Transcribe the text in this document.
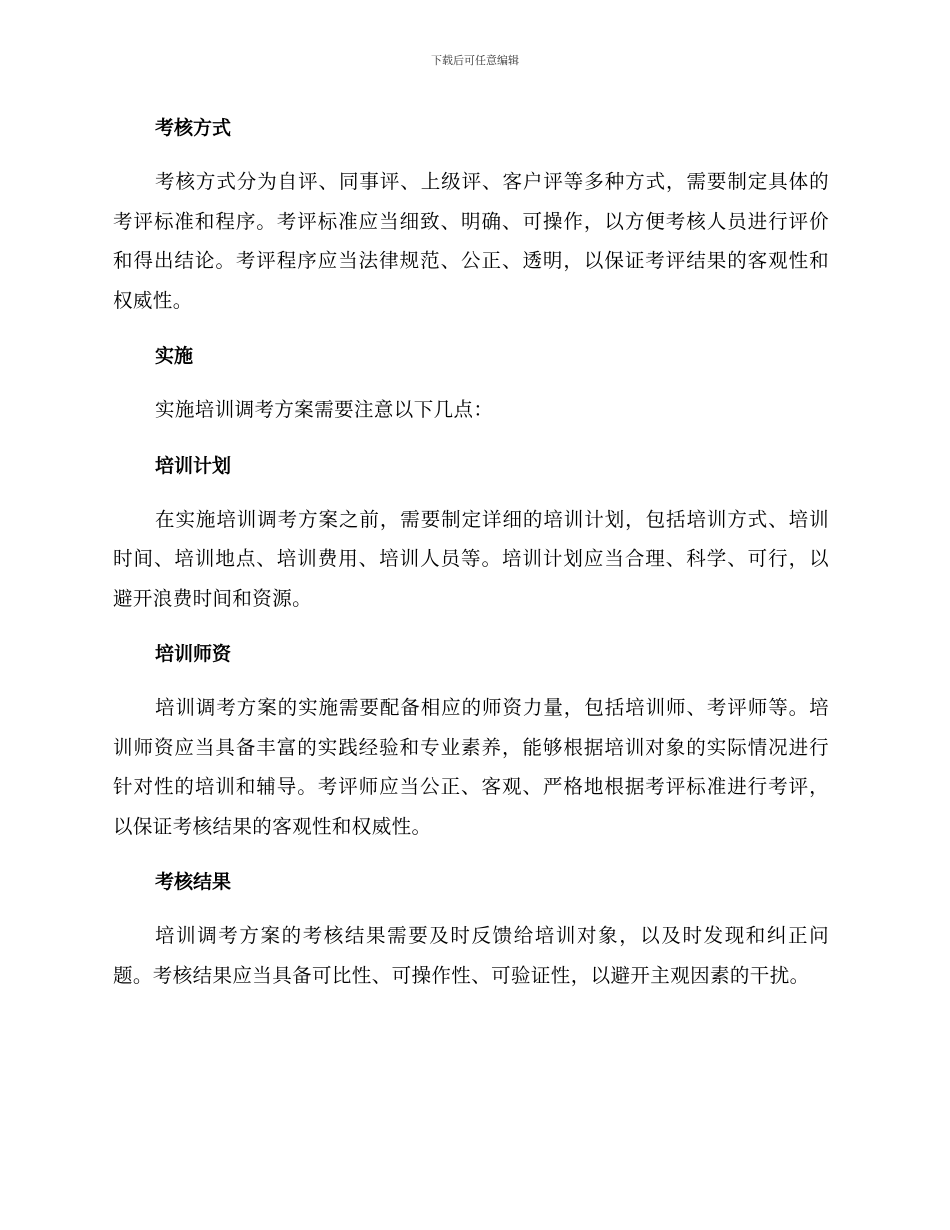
下载后可任意编辑
考核方式

考核方式分为自评、同事评、上级评、客户评等多种方式，需要制定具体的考评标准和程序。考评标准应当细致、明确、可操作，以方便考核人员进行评价和得出结论。考评程序应当法律规范、公正、透明，以保证考评结果的客观性和权威性。

实施

实施培训调考方案需要注意以下几点：

培训计划

在实施培训调考方案之前，需要制定详细的培训计划，包括培训方式、培训时间、培训地点、培训费用、培训人员等。培训计划应当合理、科学、可行，以避开浪费时间和资源。

培训师资

培训调考方案的实施需要配备相应的师资力量，包括培训师、考评师等。培训师资应当具备丰富的实践经验和专业素养，能够根据培训对象的实际情况进行针对性的培训和辅导。考评师应当公正、客观、严格地根据考评标准进行考评，以保证考核结果的客观性和权威性。

考核结果

培训调考方案的考核结果需要及时反馈给培训对象，以及时发现和纠正问题。考核结果应当具备可比性、可操作性、可验证性，以避开主观因素的干扰。
